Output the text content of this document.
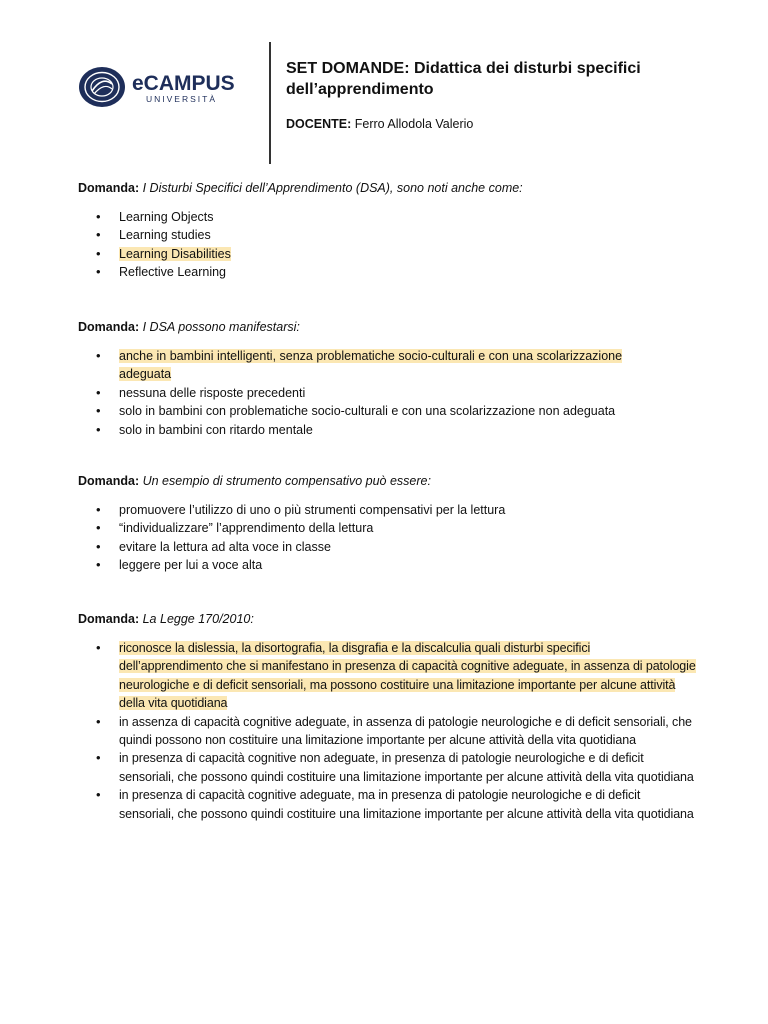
eCAMPUS
UNIVERSITÀ
SET DOMANDE: Didattica dei disturbi specifici dell’apprendimento
DOCENTE: Ferro Allodola Valerio
Domanda: I Disturbi Specifici dell’Apprendimento (DSA), sono noti anche come:
• Learning Objects
• Learning studies
• Learning Disabilities
• Reflective Learning
Domanda: I DSA possono manifestarsi:
• anche in bambini intelligenti, senza problematiche socio-culturali e con una scolarizzazione adeguata
• nessuna delle risposte precedenti
• solo in bambini con problematiche socio-culturali e con una scolarizzazione non adeguata
• solo in bambini con ritardo mentale
Domanda: Un esempio di strumento compensativo può essere:
• promuovere l’utilizzo di uno o più strumenti compensativi per la lettura
• “individualizzare” l’apprendimento della lettura
• evitare la lettura ad alta voce in classe
• leggere per lui a voce alta
Domanda: La Legge 170/2010:
• riconosce la dislessia, la disortografia, la disgrafia e la discalculia quali disturbi specifici dell’apprendimento che si manifestano in presenza di capacità cognitive adeguate, in assenza di patologie neurologiche e di deficit sensoriali, ma possono costituire una limitazione importante per alcune attività della vita quotidiana
• in assenza di capacità cognitive adeguate, in assenza di patologie neurologiche e di deficit sensoriali, che quindi possono non costituire una limitazione importante per alcune attività della vita quotidiana
• in presenza di capacità cognitive non adeguate, in presenza di patologie neurologiche e di deficit sensoriali, che possono quindi costituire una limitazione importante per alcune attività della vita quotidiana
• in presenza di capacità cognitive adeguate, ma in presenza di patologie neurologiche e di deficit sensoriali, che possono quindi costituire una limitazione importante per alcune attività della vita quotidiana
